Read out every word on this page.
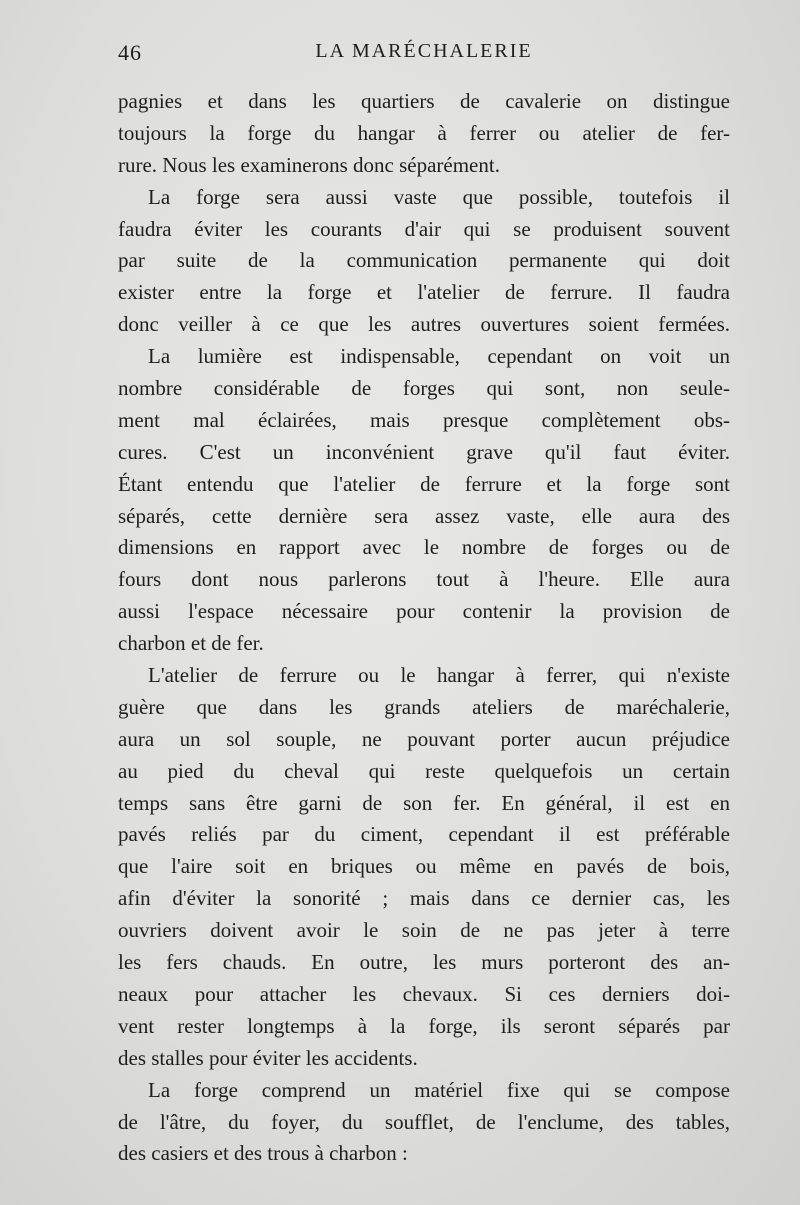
46	LA MARÉCHALERIE
pagnies et dans les quartiers de cavalerie on distingue
toujours la forge du hangar à ferrer ou atelier de fer-
rure. Nous les examinerons donc séparément.
La forge sera aussi vaste que possible, toutefois il
faudra éviter les courants d'air qui se produisent souvent
par suite de la communication permanente qui doit
exister entre la forge et l'atelier de ferrure. Il faudra
donc veiller à ce que les autres ouvertures soient fermées.
La lumière est indispensable, cependant on voit un
nombre considérable de forges qui sont, non seule-
ment mal éclairées, mais presque complètement obs-
cures. C'est un inconvénient grave qu'il faut éviter.
Étant entendu que l'atelier de ferrure et la forge sont
séparés, cette dernière sera assez vaste, elle aura des
dimensions en rapport avec le nombre de forges ou de
fours dont nous parlerons tout à l'heure. Elle aura
aussi l'espace nécessaire pour contenir la provision de
charbon et de fer.
L'atelier de ferrure ou le hangar à ferrer, qui n'existe
guère que dans les grands ateliers de maréchalerie,
aura un sol souple, ne pouvant porter aucun préjudice
au pied du cheval qui reste quelquefois un certain
temps sans être garni de son fer. En général, il est en
pavés reliés par du ciment, cependant il est préférable
que l'aire soit en briques ou même en pavés de bois,
afin d'éviter la sonorité ; mais dans ce dernier cas, les
ouvriers doivent avoir le soin de ne pas jeter à terre
les fers chauds. En outre, les murs porteront des an-
neaux pour attacher les chevaux. Si ces derniers doi-
vent rester longtemps à la forge, ils seront séparés par
des stalles pour éviter les accidents.
La forge comprend un matériel fixe qui se compose
de l'âtre, du foyer, du soufflet, de l'enclume, des tables,
des casiers et des trous à charbon :
